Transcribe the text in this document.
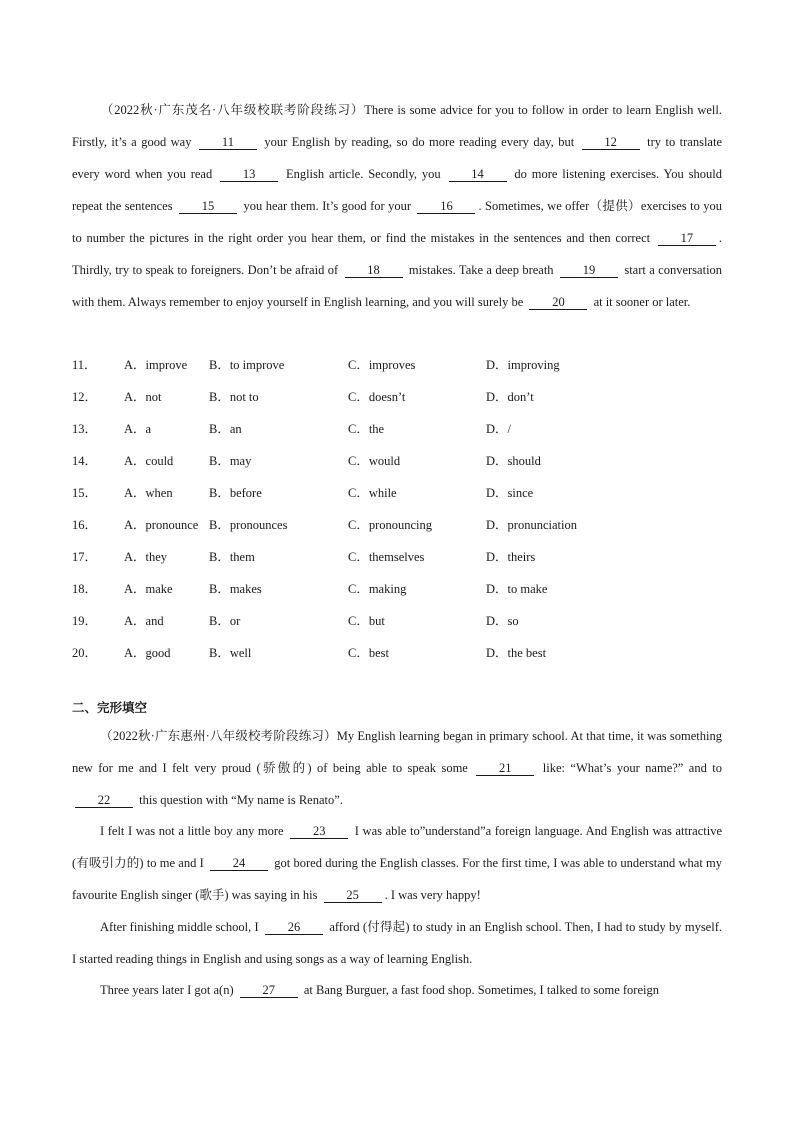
（2022秋·广东茂名·八年级校联考阶段练习）There is some advice for you to follow in order to learn English well. Firstly, it’s a good way 11 your English by reading, so do more reading every day, but 12 try to translate every word when you read 13 English article. Secondly, you 14 do more listening exercises. You should repeat the sentences 15 you hear them. It’s good for your 16 . Sometimes, we offer（提供）exercises to you to number the pictures in the right order you hear them, or find the mistakes in the sentences and then correct 17 . Thirdly, try to speak to foreigners. Don’t be afraid of 18 mistakes. Take a deep breath 19 start a conversation with them. Always remember to enjoy yourself in English learning, and you will surely be 20 at it sooner or later.

11． A．improve B．to improve	C．improves	D．improving
12． A．not	B．not to	C．doesn’t	D．don’t
13． A．a	B．an	C．the	D．/
14． A．could	B．may	C．would	D．should
15． A．when	B．before	C．while	D．since
16． A．pronounce B．pronounces	C．pronouncing	D．pronunciation
17． A．they	B．them	C．themselves	D．theirs
18． A．make	B．makes	C．making	D．to make
19． A．and	B．or	C．but	D．so
20． A．good	B．well	C．best	D．the best
二、完形填空

（2022秋·广东惠州·八年级校考阶段练习）My English learning began in primary school. At that time, it was something new for me and I felt very proud (骄傲的) of being able to speak some 21 like: “What’s your name?” and to 22 this question with “My name is Renato”.

I felt I was not a little boy any more 23 I was able to”understand”a foreign language. And English was attractive (有吸引力的) to me and I 24 got bored during the English classes. For the first time, I was able to understand what my favourite English singer (歌手) was saying in his 25 . I was very happy!

After finishing middle school, I 26 afford (付得起) to study in an English school. Then, I had to study by myself. I started reading things in English and using songs as a way of learning English.

Three years later I got a(n) 27 at Bang Burguer, a fast food shop. Sometimes, I talked to some foreign
